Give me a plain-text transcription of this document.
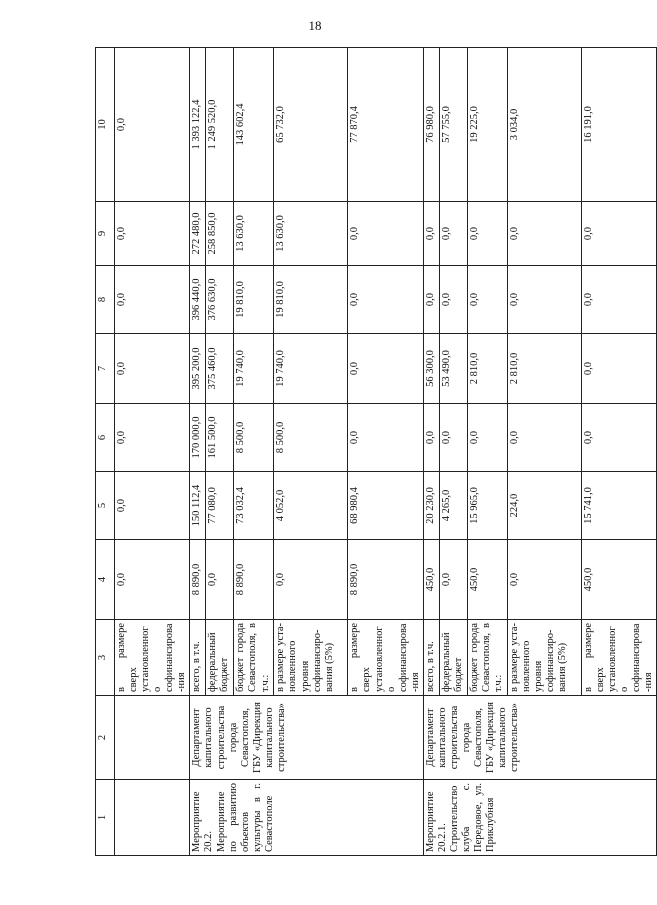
18
1	2	3	4	5	6	7	8	9	10
		в размере сверх установленного софинансирова-ния	0,0	0,0	0,0	0,0	0,0	0,0	0,0
Мероприятие 20.2. Мероприятие по развитию объектов культуры в г. Севастополе	Департамент капитального строительства города Севастополя, ГБУ «Дирекция капитального строительства»	всего, в т.ч.	8 890,0	150 112,4	170 000,0	395 200,0	396 440,0	272 480,0	1 393 122,4
		федеральный бюджет	0,0	77 080,0	161 500,0	375 460,0	376 630,0	258 850,0	1 249 520,0
		бюджет города Севастополя, в т.ч.:	8 890,0	73 032,4	8 500,0	19 740,0	19 810,0	13 630,0	143 602,4
		в размере уста-новленного уровня софинансиро-вания (5%)	0,0	4 052,0	8 500,0	19 740,0	19 810,0	13 630,0	65 732,0
		в размере сверх установленного софинансирова-ния	8 890,0	68 980,4	0,0	0,0	0,0	0,0	77 870,4
Мероприятие 20.2.1. Строительство клуба с. Передовое, ул. Приклубная	Департамент капитального строительства города Севастополя, ГБУ «Дирекция капитального строительства»	всего, в т.ч.	450,0	20 230,0	0,0	56 300,0	0,0	0,0	76 980,0
		федеральный бюджет	0,0	4 265,0	0,0	53 490,0	0,0	0,0	57 755,0
		бюджет города Севастополя, в т.ч.:	450,0	15 965,0	0,0	2 810,0	0,0	0,0	19 225,0
		в размере уста-новленного уровня софинансиро-вания (5%)	0,0	224,0	0,0	2 810,0	0,0	0,0	3 034,0
		в размере сверх установленного софинансирова-ния	450,0	15 741,0	0,0	0,0	0,0	0,0	16 191,0
